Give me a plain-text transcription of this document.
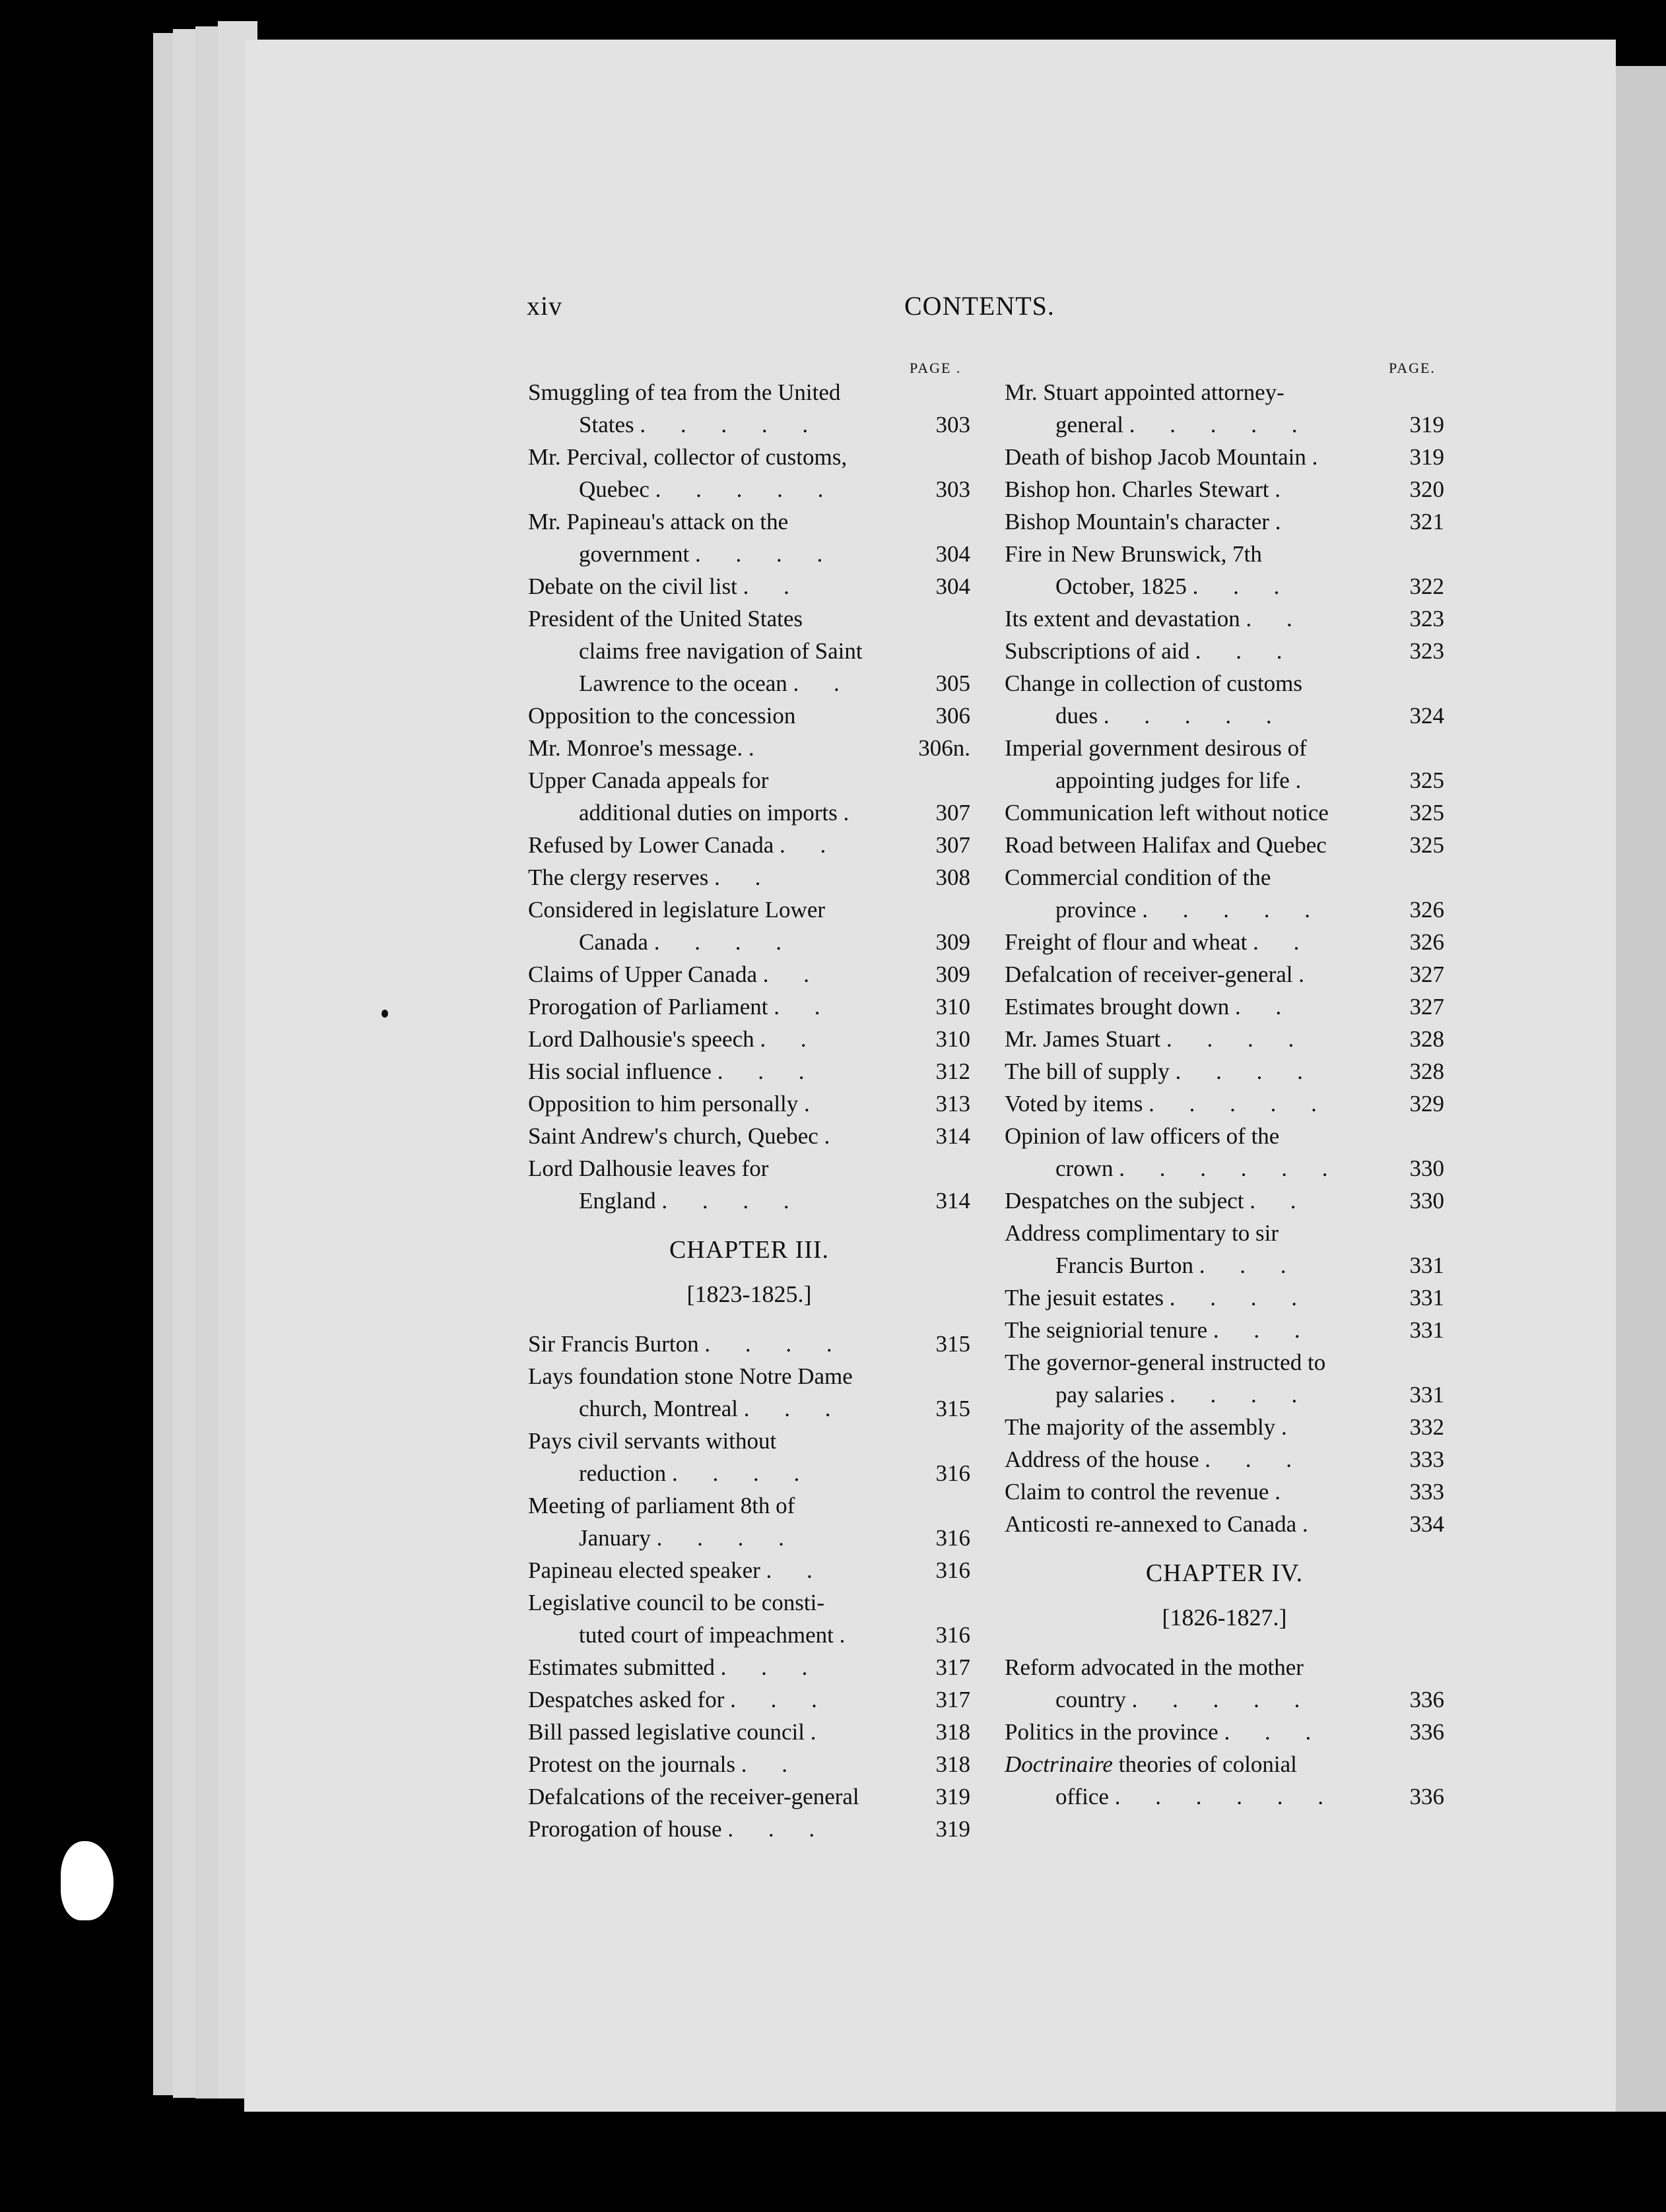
xiv	CONTENTS.
PAGE .	PAGE.
Smuggling of tea from the United
States . . . . .	303
Mr. Percival, collector of customs,
Quebec . . . . .	303
Mr. Papineau's attack on the
government . . . .	304
Debate on the civil list . .	304
President of the United States
claims free navigation of Saint
Lawrence to the ocean . .	305
Opposition to the concession	306
Mr. Monroe's message. .	306n.
Upper Canada appeals for
additional duties on imports .	307
Refused by Lower Canada . .	307
The clergy reserves . .	308
Considered in legislature Lower
Canada . . . .	309
Claims of Upper Canada . .	309
Prorogation of Parliament . .	310
Lord Dalhousie's speech . .	310
His social influence . . .	312
Opposition to him personally .	313
Saint Andrew's church, Quebec .	314
Lord Dalhousie leaves for
England . . . .	314
CHAPTER III.
[1823-1825.]
Sir Francis Burton . . . .	315
Lays foundation stone Notre Dame
church, Montreal . . .	315
Pays civil servants without
reduction . . . .	316
Meeting of parliament 8th of
January . . . .	316
Papineau elected speaker . .	316
Legislative council to be consti-
tuted court of impeachment .	316
Estimates submitted . . .	317
Despatches asked for . . .	317
Bill passed legislative council .	318
Protest on the journals . .	318
Defalcations of the receiver-general	319
Prorogation of house . . .	319
Mr. Stuart appointed attorney-
general . . . . .	319
Death of bishop Jacob Mountain .	319
Bishop hon. Charles Stewart .	320
Bishop Mountain's character .	321
Fire in New Brunswick, 7th
October, 1825 . . .	322
Its extent and devastation . .	323
Subscriptions of aid . . .	323
Change in collection of customs
dues . . . . .	324
Imperial government desirous of
appointing judges for life .	325
Communication left without notice	325
Road between Halifax and Quebec	325
Commercial condition of the
province . . . . .	326
Freight of flour and wheat . .	326
Defalcation of receiver-general .	327
Estimates brought down . .	327
Mr. James Stuart . . . .	328
The bill of supply . . . .	328
Voted by items . . . . .	329
Opinion of law officers of the
crown . . . . . .	330
Despatches on the subject . .	330
Address complimentary to sir
Francis Burton . . .	331
The jesuit estates . . . .	331
The seigniorial tenure . . .	331
The governor-general instructed to
pay salaries . . . .	331
The majority of the assembly .	332
Address of the house . . .	333
Claim to control the revenue .	333
Anticosti re-annexed to Canada .	334
CHAPTER IV.
[1826-1827.]
Reform advocated in the mother
country . . . . .	336
Politics in the province . . .	336
Doctrinaire theories of colonial
office . . . . . .	336
